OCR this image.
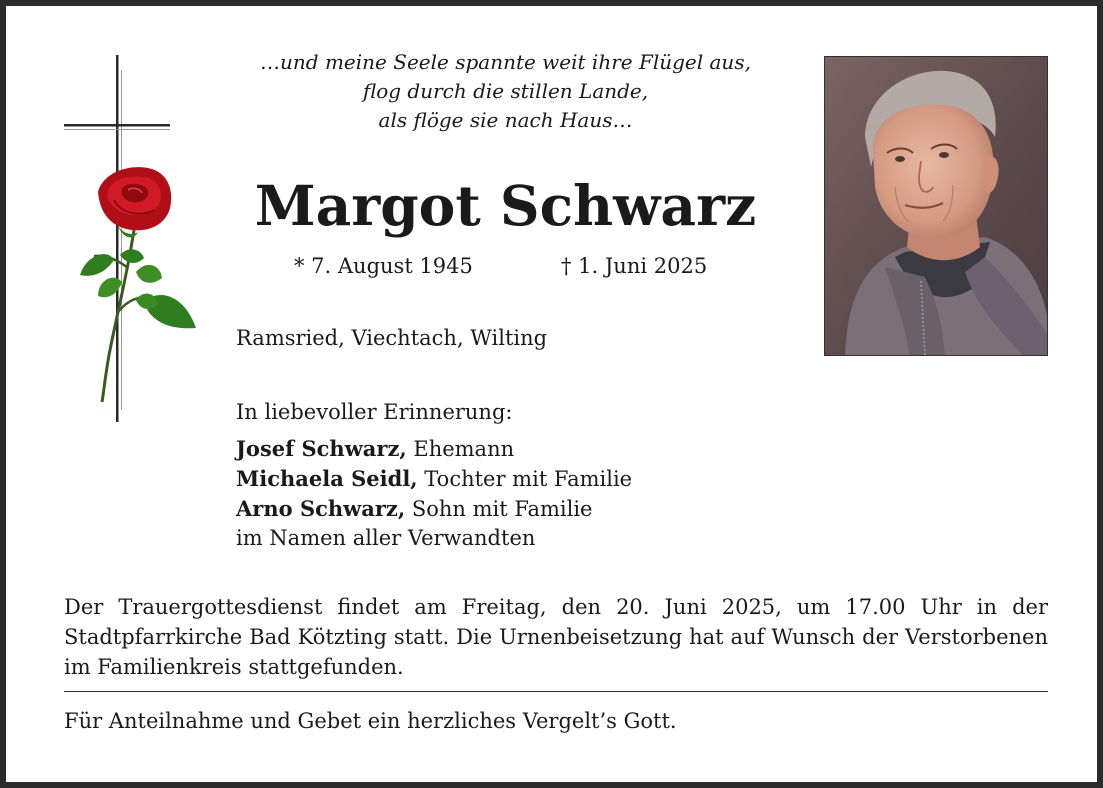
…und meine Seele spannte weit ihre Flügel aus,
flog durch die stillen Lande,
als flöge sie nach Haus…
Margot Schwarz
* 7. August 1945	† 1. Juni 2025
Ramsried, Viechtach, Wilting
In liebevoller Erinnerung:
Josef Schwarz, Ehemann
Michaela Seidl, Tochter mit Familie
Arno Schwarz, Sohn mit Familie
im Namen aller Verwandten
Der Trauergottesdienst findet am Freitag, den 20. Juni 2025, um 17.00 Uhr in der Stadtpfarrkirche Bad Kötzting statt. Die Urnenbeisetzung hat auf Wunsch der Verstorbenen im Familienkreis stattgefunden.
Für Anteilnahme und Gebet ein herzliches Vergelt’s Gott.
